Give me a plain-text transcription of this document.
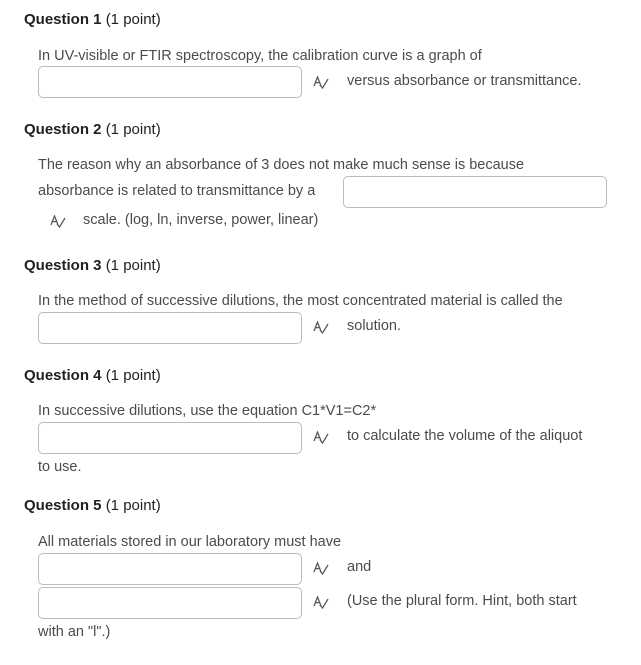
Question 1 (1 point)
In UV-visible or FTIR spectroscopy, the calibration curve is a graph of
versus absorbance or transmittance.
Question 2 (1 point)
The reason why an absorbance of 3 does not make much sense is because
absorbance is related to transmittance by a
scale. (log, ln, inverse, power, linear)
Question 3 (1 point)
In the method of successive dilutions, the most concentrated material is called the
solution.
Question 4 (1 point)
In successive dilutions, use the equation C1*V1=C2*
to calculate the volume of the aliquot
to use.
Question 5 (1 point)
All materials stored in our laboratory must have
and
(Use the plural form. Hint, both start
with an "l".)
